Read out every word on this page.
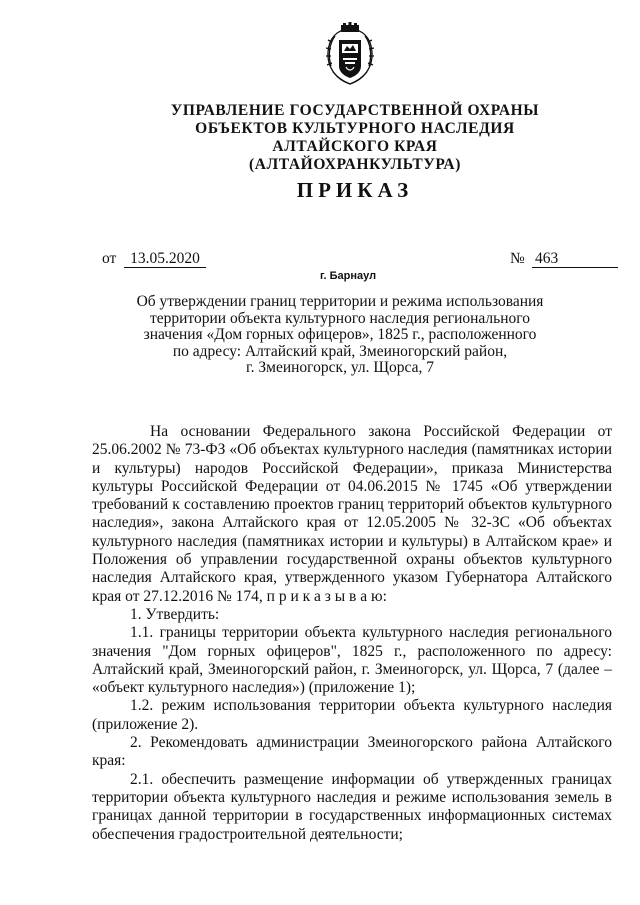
УПРАВЛЕНИЕ ГОСУДАРСТВЕННОЙ ОХРАНЫ
ОБЪЕКТОВ КУЛЬТУРНОГО НАСЛЕДИЯ
АЛТАЙСКОГО КРАЯ
(АЛТАЙОХРАНКУЛЬТУРА)
ПРИКАЗ
от 13.05.2020	№ 463
г. Барнаул
Об утверждении границ территории и режима использования
территории объекта культурного наследия регионального
значения «Дом горных офицеров», 1825 г., расположенного
по адресу: Алтайский край, Змеиногорский район,
г. Змеиногорск, ул. Щорса, 7

На основании Федерального закона Российской Федерации от 25.06.2002 № 73-ФЗ «Об объектах культурного наследия (памятниках истории и культуры) народов Российской Федерации», приказа Министерства культуры Российской Федерации от 04.06.2015 № 1745 «Об утверждении требований к составлению проектов границ территорий объектов культурного наследия», закона Алтайского края от 12.05.2005 № 32-ЗС «Об объектах культурного наследия (памятниках истории и культуры) в Алтайском крае» и Положения об управлении государственной охраны объектов культурного наследия Алтайского края, утвержденного указом Губернатора Алтайского края от 27.12.2016 № 174, п р и к а з ы в а ю:

1. Утвердить:

1.1. границы территории объекта культурного наследия регионального значения "Дом горных офицеров", 1825 г., расположенного по адресу: Алтайский край, Змеиногорский район, г. Змеиногорск, ул. Щорса, 7 (далее – «объект культурного наследия») (приложение 1);

1.2. режим использования территории объекта культурного наследия (приложение 2).

2. Рекомендовать администрации Змеиногорского района Алтайского края:

2.1. обеспечить размещение информации об утвержденных границах территории объекта культурного наследия и режиме использования земель в границах данной территории в государственных информационных системах обеспечения градостроительной деятельности;
